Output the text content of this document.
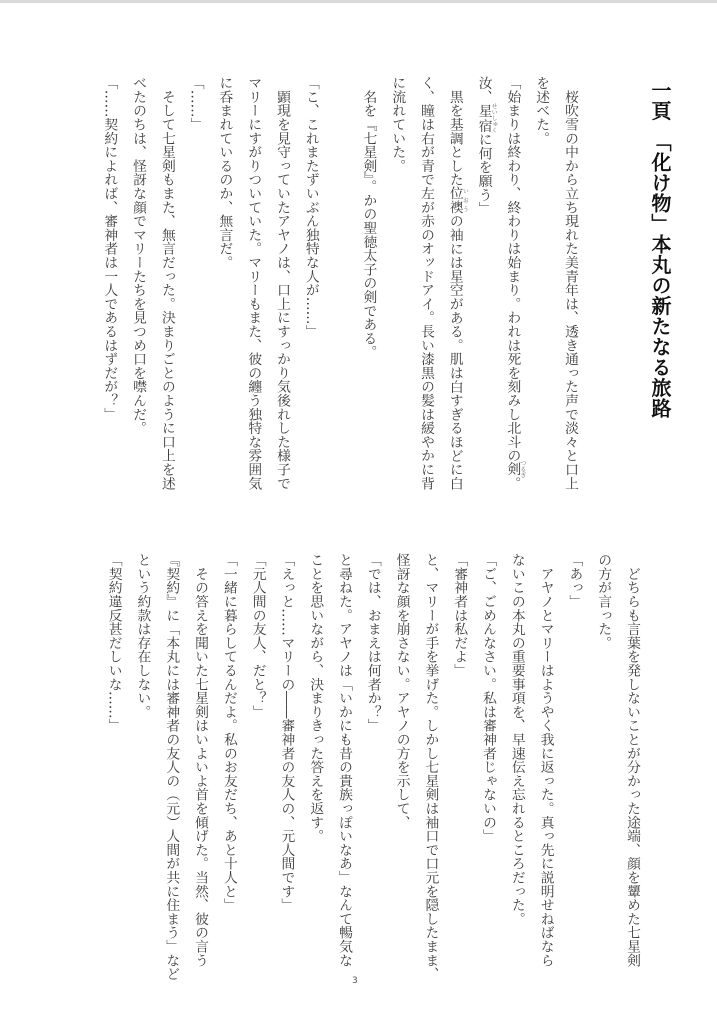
一頁　「化け物」本丸の新たなる旅路
　桜吹雪の中から立ち現れた美青年は、透き通った声で淡々と口上
を述べた。
「始まりは終わり、終わりは始まり。われは死を刻みし北斗の剣つるぎ。
汝、星宿せいしゅくに何を願う」
　黒を基調とした位襖いおうの袖には星空がある。肌は白すぎるほどに白
く、瞳は右が青で左が赤のオッドアイ。長い漆黒の髪は緩やかに背
に流れていた。
　名を『七星剣』。かの聖徳太子の剣である。
「こ、これまたずいぶん独特な人が……」
　顕現を見守っていたアヤノは、口上にすっかり気後れした様子で
マリーにすがりついていた。マリーもまた、彼の纏う独特な雰囲気
に呑まれているのか、無言だ。
「……」
　そして七星剣もまた、無言だった。決まりごとのように口上を述
べたのちは、怪訝な顔でマリーたちを見つめ口を噤んだ。
「……契約によれば、審神者は一人であるはずだが？」
　どちらも言葉を発しないことが分かった途端、顔を顰めた七星剣
の方が言った。
「あっ」
　アヤノとマリーはようやく我に返った。真っ先に説明せねばなら
ないこの本丸の重要事項を、早速伝え忘れるところだった。
「ご、ごめんなさい。私は審神者じゃないの」
「審神者は私だよ」
と、マリーが手を挙げた。しかし七星剣は袖口で口元を隠したまま、
怪訝な顔を崩さない。アヤノの方を示して、
「では、おまえは何者か？」
と尋ねた。アヤノは「いかにも昔の貴族っぽいなあ」なんて暢気な
ことを思いながら、決まりきった答えを返す。
「えっと……マリーの――審神者の友人の、元人間です」
「元人間の友人、だと？」
「一緒に暮らしてるんだよ。私のお友だち、あと十人と」
　その答えを聞いた七星剣はいよいよ首を傾げた。当然、彼の言う
『契約』に「本丸には審神者の友人の（元）人間が共に住まう」など
という約款は存在しない。
「契約違反甚だしいな……」
3
